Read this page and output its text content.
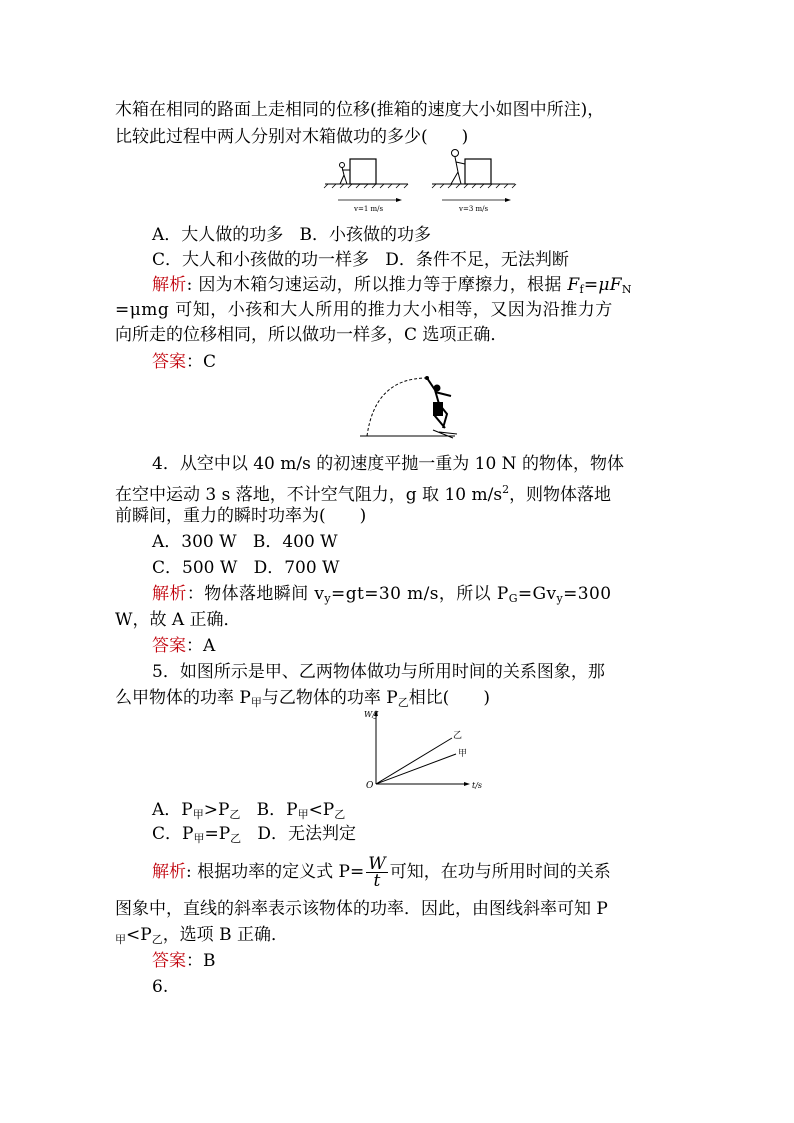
木箱在相同的路面上走相同的位移(推箱的速度大小如图中所注)，
比较此过程中两人分别对木箱做功的多少(　　)
v=1 m/s	v=3 m/s
A．大人做的功多 B．小孩做的功多
C．大人和小孩做的功一样多 D．条件不足，无法判断
解析: 因为木箱匀速运动，所以推力等于摩擦力，根据 $F_f=\mu F_N$
=μmg 可知，小孩和大人所用的推力大小相等，又因为沿推力方
向所走的位移相同，所以做功一样多，C 选项正确．
答案：C
4．从空中以 40 m/s 的初速度平抛一重为 10 N 的物体，物体
在空中运动 3 s 落地，不计空气阻力，g 取 10 $m/s^2$，则物体落地
前瞬间，重力的瞬时功率为(　　)
A．300 W B．400 W
C．500 W D．700 W
解析：物体落地瞬间 $v_y=gt=30$ m/s，所以 $P_G=Gv_y=300$
W，故 A 正确．
答案：A
5．如图所示是甲、乙两物体做功与所用时间的关系图象，那
么甲物体的功率 $P_甲$与乙物体的功率 $P_乙$相比(　　)
W/J
t/s
O
乙
甲
A．$P_甲>P_乙$ B．$P_甲<P_乙$
C．$P_甲=P_乙$ D．无法判定
解析: 根据功率的定义式 $P= \frac{W}{t}$ 可知，在功与所用时间的关系
图象中，直线的斜率表示该物体的功率．因此，由图线斜率可知 P
$_甲<P_乙$，选项 B 正确．
答案：B
6.
